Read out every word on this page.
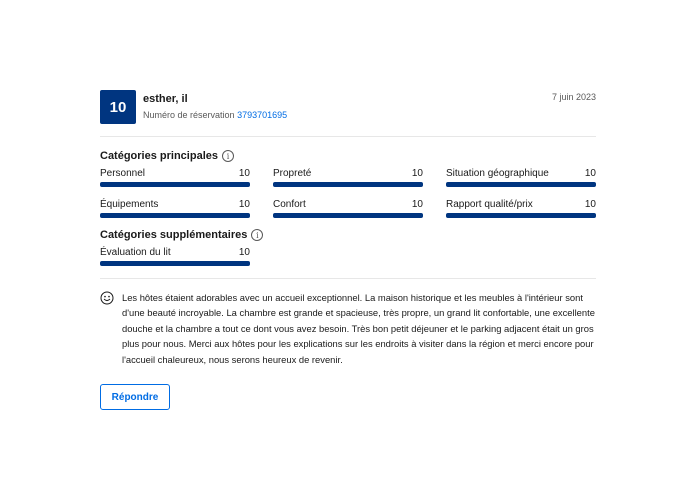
10	esther, il
Numéro de réservation 3793701695
7 juin 2023
Catégories principales	i
Personnel	10 Propreté	10 Situation géographique	10
Équipements	10 Confort	10 Rapport qualité/prix	10
Catégories supplémentaires	i
Évaluation du lit	10
Les hôtes étaient adorables avec un accueil exceptionnel. La maison historique et les meubles à l'intérieur sont d'une beauté incroyable. La chambre est grande et spacieuse, très propre, un grand lit confortable, une excellente douche et la chambre a tout ce dont vous avez besoin. Très bon petit déjeuner et le parking adjacent était un gros plus pour nous. Merci aux hôtes pour les explications sur les endroits à visiter dans la région et merci encore pour l'accueil chaleureux, nous serons heureux de revenir.
Répondre
